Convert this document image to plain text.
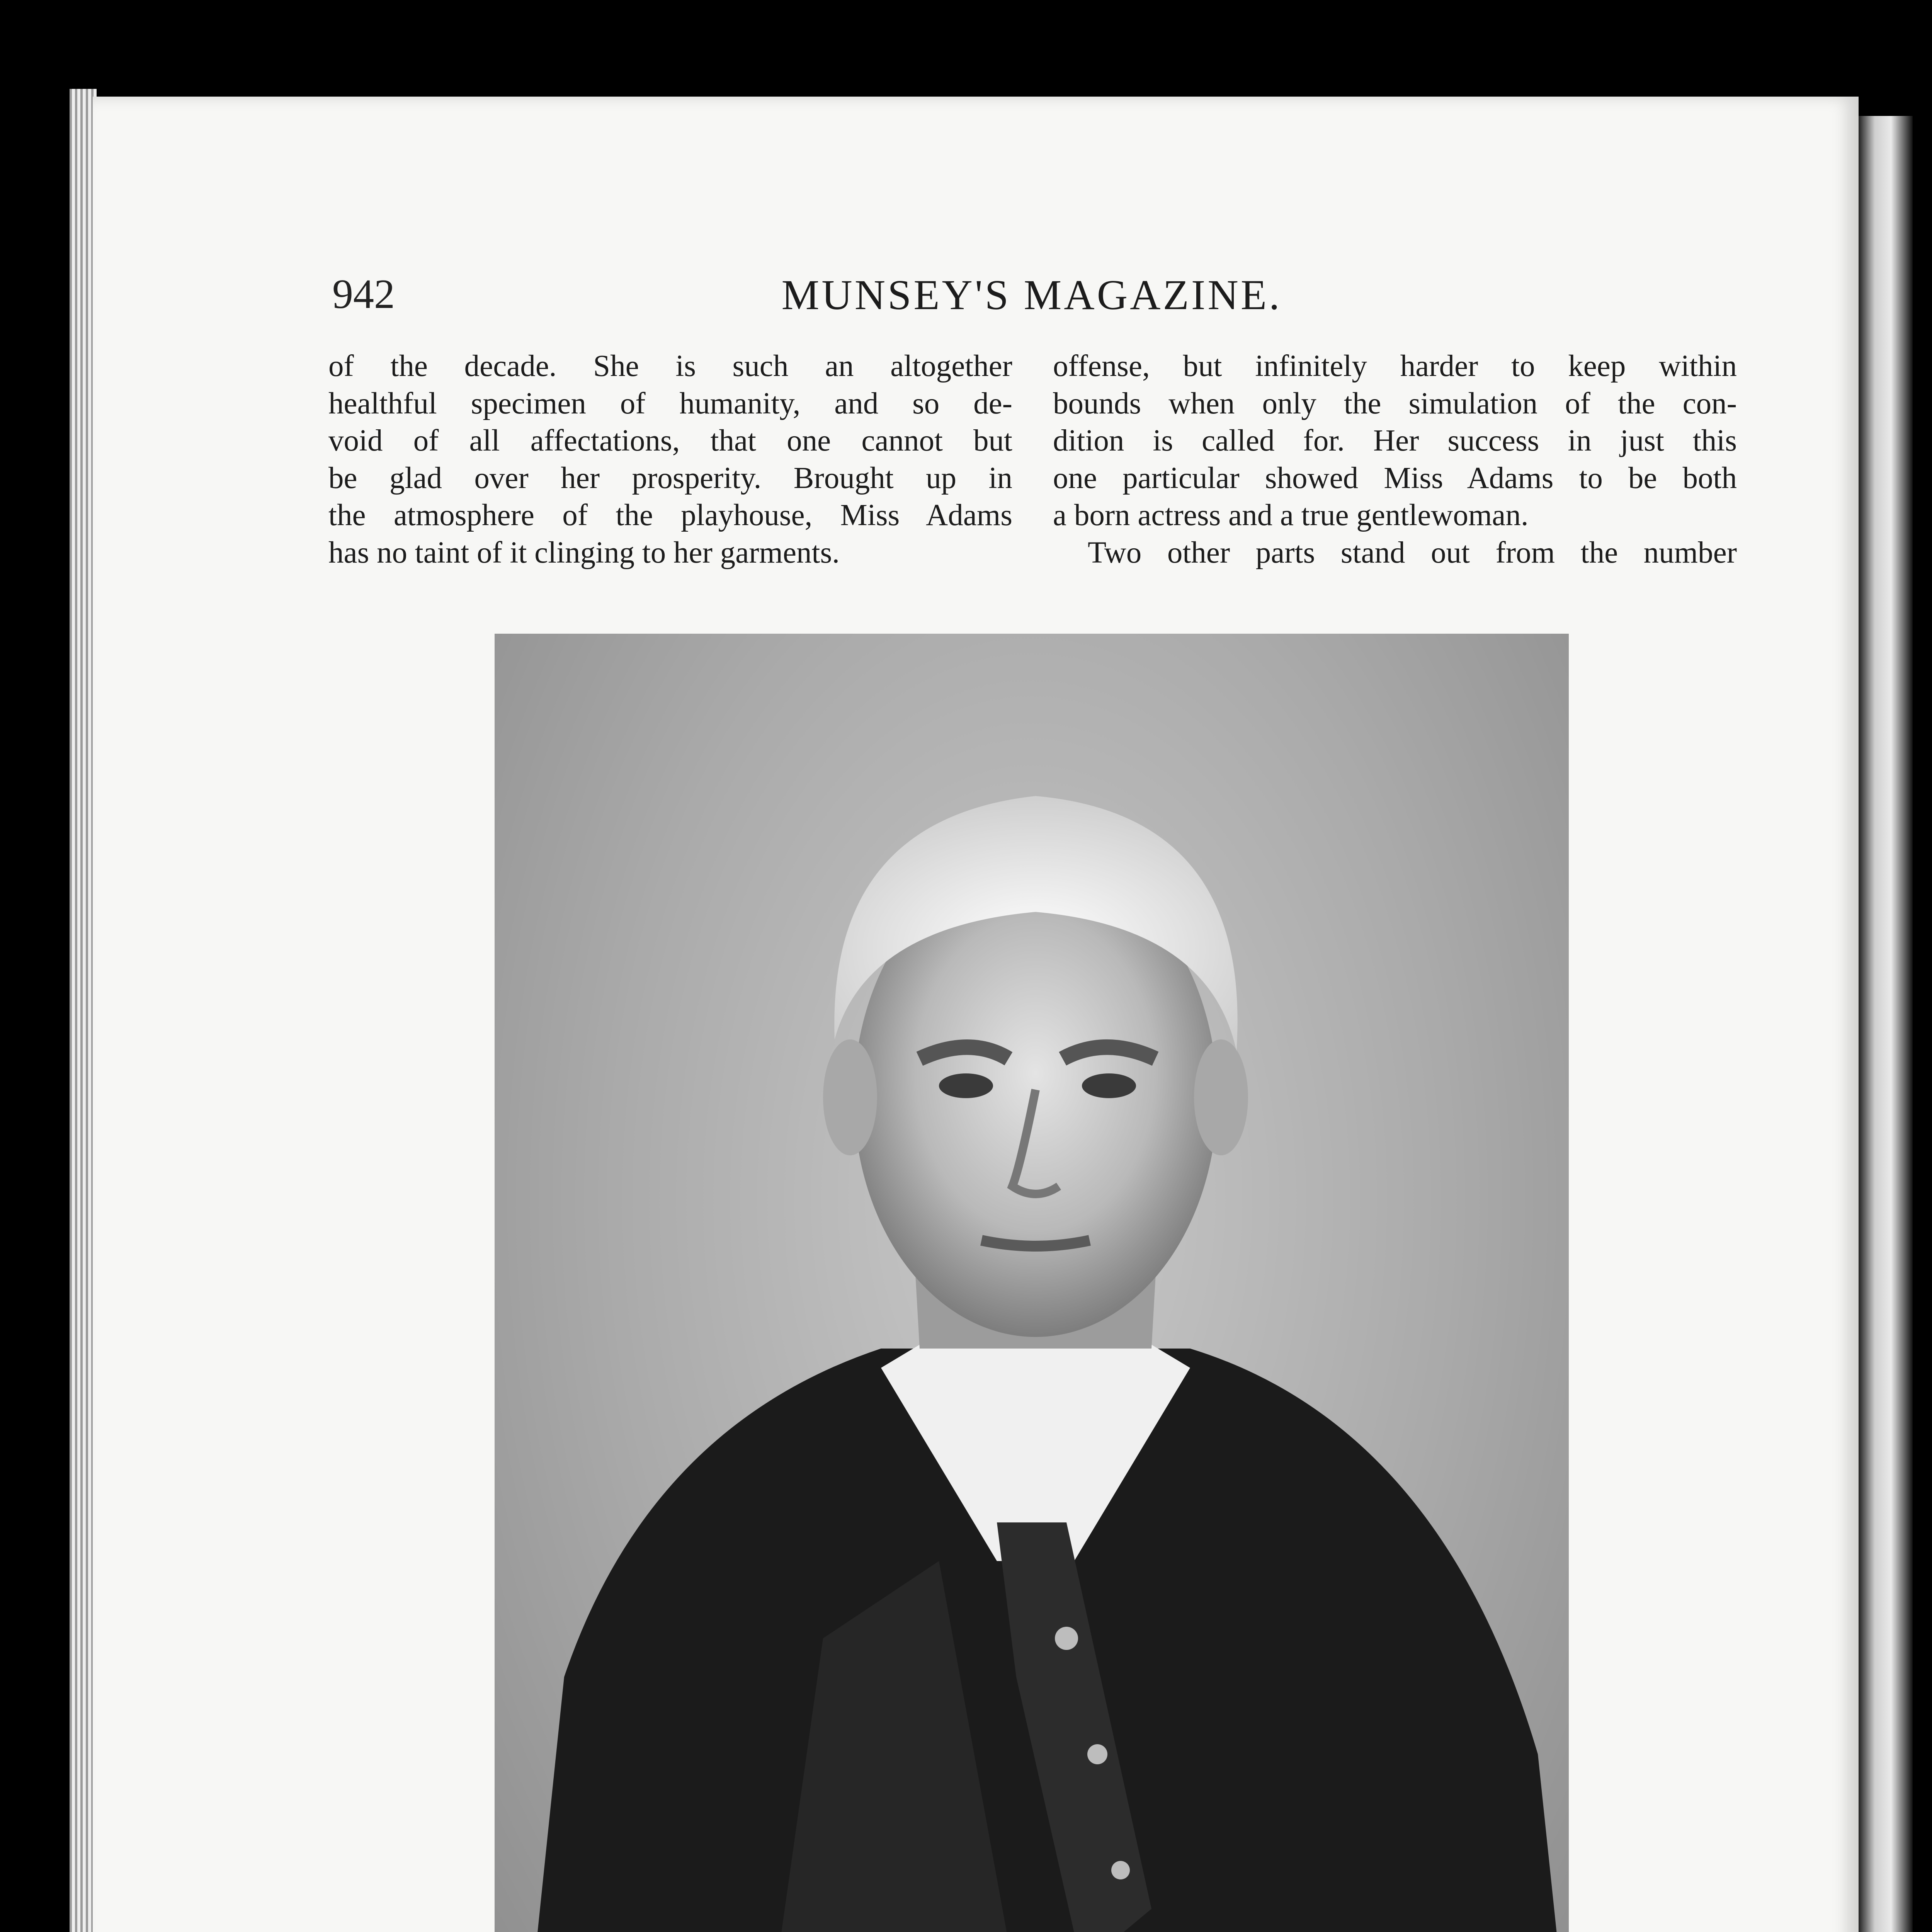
942	MUNSEY'S MAGAZINE.
of the decade. She is such an altogether
healthful specimen of humanity, and so de-
void of all affectations, that one cannot but
be glad over her prosperity. Brought up in
the atmosphere of the playhouse, Miss Adams
has no taint of it clinging to her garments.
offense, but infinitely harder to keep within
bounds when only the simulation of the con-
dition is called for. Her success in just this
one particular showed Miss Adams to be both
a born actress and a true gentlewoman.
Two other parts stand out from the number
